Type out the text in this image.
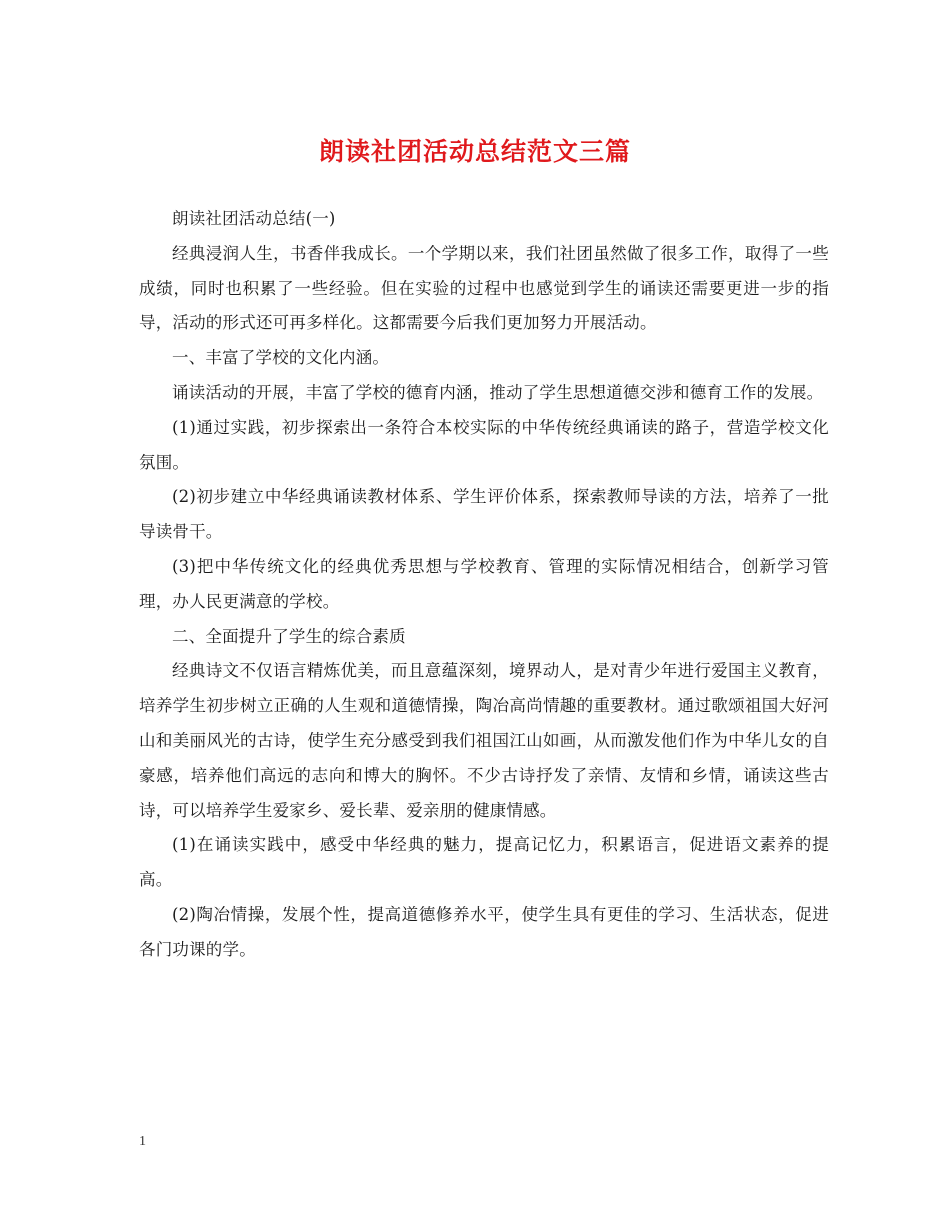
朗读社团活动总结范文三篇

朗读社团活动总结(一)

经典浸润人生，书香伴我成长。一个学期以来，我们社团虽然做了很多工作，取得了一些成绩，同时也积累了一些经验。但在实验的过程中也感觉到学生的诵读还需要更进一步的指导，活动的形式还可再多样化。这都需要今后我们更加努力开展活动。

一、丰富了学校的文化内涵。

诵读活动的开展，丰富了学校的德育内涵，推动了学生思想道德交涉和德育工作的发展。

(1)通过实践，初步探索出一条符合本校实际的中华传统经典诵读的路子，营造学校文化氛围。

(2)初步建立中华经典诵读教材体系、学生评价体系，探索教师导读的方法，培养了一批导读骨干。

(3)把中华传统文化的经典优秀思想与学校教育、管理的实际情况相结合，创新学习管理，办人民更满意的学校。

二、全面提升了学生的综合素质

经典诗文不仅语言精炼优美，而且意蕴深刻，境界动人，是对青少年进行爱国主义教育，培养学生初步树立正确的人生观和道德情操，陶冶高尚情趣的重要教材。通过歌颂祖国大好河山和美丽风光的古诗，使学生充分感受到我们祖国江山如画，从而激发他们作为中华儿女的自豪感，培养他们高远的志向和博大的胸怀。不少古诗抒发了亲情、友情和乡情，诵读这些古诗，可以培养学生爱家乡、爱长辈、爱亲朋的健康情感。

(1)在诵读实践中，感受中华经典的魅力，提高记忆力，积累语言，促进语文素养的提高。

(2)陶冶情操，发展个性，提高道德修养水平，使学生具有更佳的学习、生活状态，促进各门功课的学。

1
